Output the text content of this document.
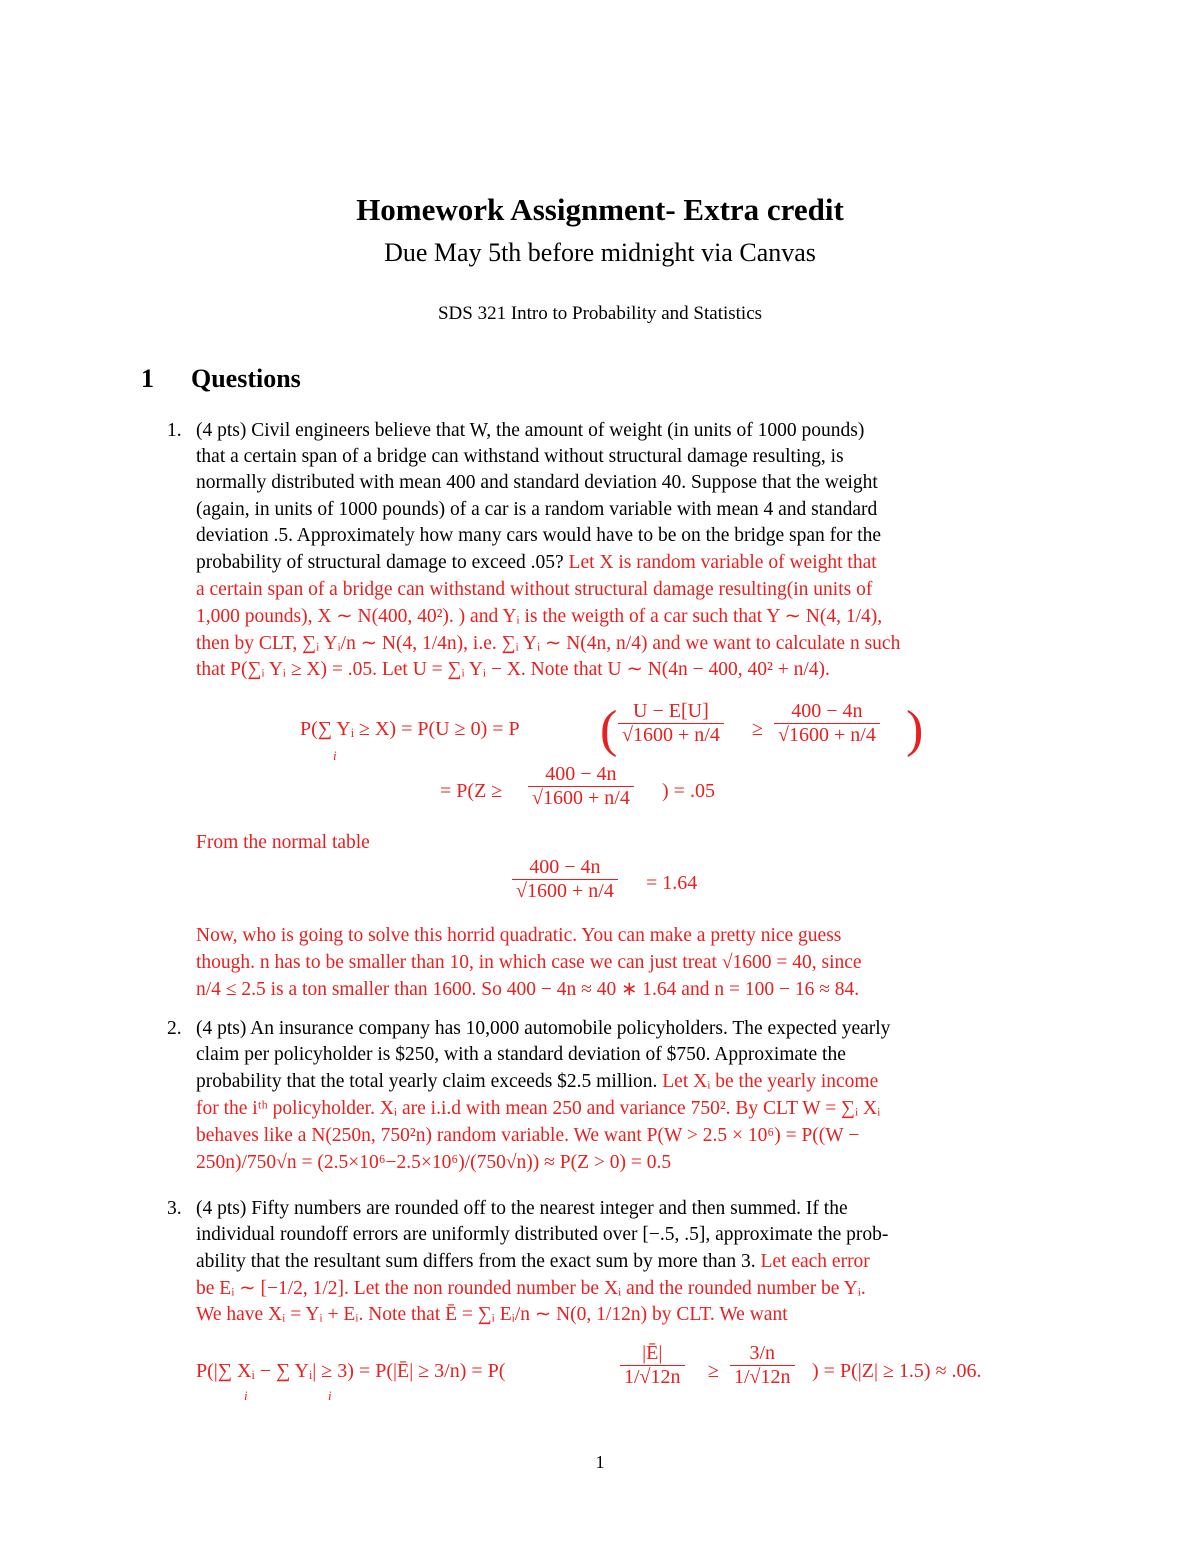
Homework Assignment- Extra credit
Due May 5th before midnight via Canvas
SDS 321 Intro to Probability and Statistics
1 Questions
1. (4 pts) Civil engineers believe that W, the amount of weight (in units of 1000 pounds)
that a certain span of a bridge can withstand without structural damage resulting, is
normally distributed with mean 400 and standard deviation 40. Suppose that the weight
(again, in units of 1000 pounds) of a car is a random variable with mean 4 and standard
deviation .5. Approximately how many cars would have to be on the bridge span for the
probability of structural damage to exceed .05? Let X is random variable of weight that
a certain span of a bridge can withstand without structural damage resulting(in units of
1,000 pounds), X ∼ N(400, 40²). ) and Yᵢ is the weigth of a car such that Y ∼ N(4, 1/4),
then by CLT, ∑ᵢ Yᵢ/n ∼ N(4, 1/4n), i.e. ∑ᵢ Yᵢ ∼ N(4n, n/4) and we want to calculate n such
that P(∑ᵢ Yᵢ ≥ X) = .05. Let U = ∑ᵢ Yᵢ − X. Note that U ∼ N(4n − 400, 40² + n/4).
P(∑ Yᵢ ≥ X) = P(U ≥ 0) = P
i	( $\frac{U - E[U]}{√1600 + n/4} \ge \frac{400 - 4n}{√1600 + n/4}$ )
= $P(Z \ge \frac{400 - 4n}{√1600 + n/4}$ ) = .05
From the normal table
$\frac{400 - 4n}{√1600 + n/4} = 1.64$
Now, who is going to solve this horrid quadratic. You can make a pretty nice guess
though. n has to be smaller than 10, in which case we can just treat √1600 = 40, since
n/4 ≤ 2.5 is a ton smaller than 1600. So 400 − 4n ≈ 40 ∗ 1.64 and n = 100 − 16 ≈ 84.
2. (4 pts) An insurance company has 10,000 automobile policyholders. The expected yearly
claim per policyholder is $250, with a standard deviation of $750. Approximate the
probability that the total yearly claim exceeds $2.5 million. Let Xᵢ be the yearly income
for the iᵗʰ policyholder. Xᵢ are i.i.d with mean 250 and variance 750². By CLT W = ∑ᵢ Xᵢ
behaves like a N(250n, 750²n) random variable. We want P(W > 2.5 × 10⁶) = P((W −
250n)/750√n = (2.5×10⁶−2.5×10⁶)/(750√n)) ≈ P(Z > 0) = 0.5
3. (4 pts) Fifty numbers are rounded off to the nearest integer and then summed. If the
individual roundoff errors are uniformly distributed over [−.5, .5], approximate the prob-
ability that the resultant sum differs from the exact sum by more than 3. Let each error
be Eᵢ ∼ [−1/2, 1/2]. Let the non rounded number be Xᵢ and the rounded number be Yᵢ.
We have Xᵢ = Yᵢ + Eᵢ. Note that Ē = ∑ᵢ Eᵢ/n ∼ N(0, 1/12n) by CLT. We want
P(|∑ Xᵢ − ∑ Yᵢ| ≥ 3) = P(|Ē| ≥ 3/n) = P(
i	i
$\frac{|Ē|}{1/√12n} \ge \frac{3/n}{1/√12n}$ ) = P(|Z| ≥ 1.5) ≈ .06.
1
